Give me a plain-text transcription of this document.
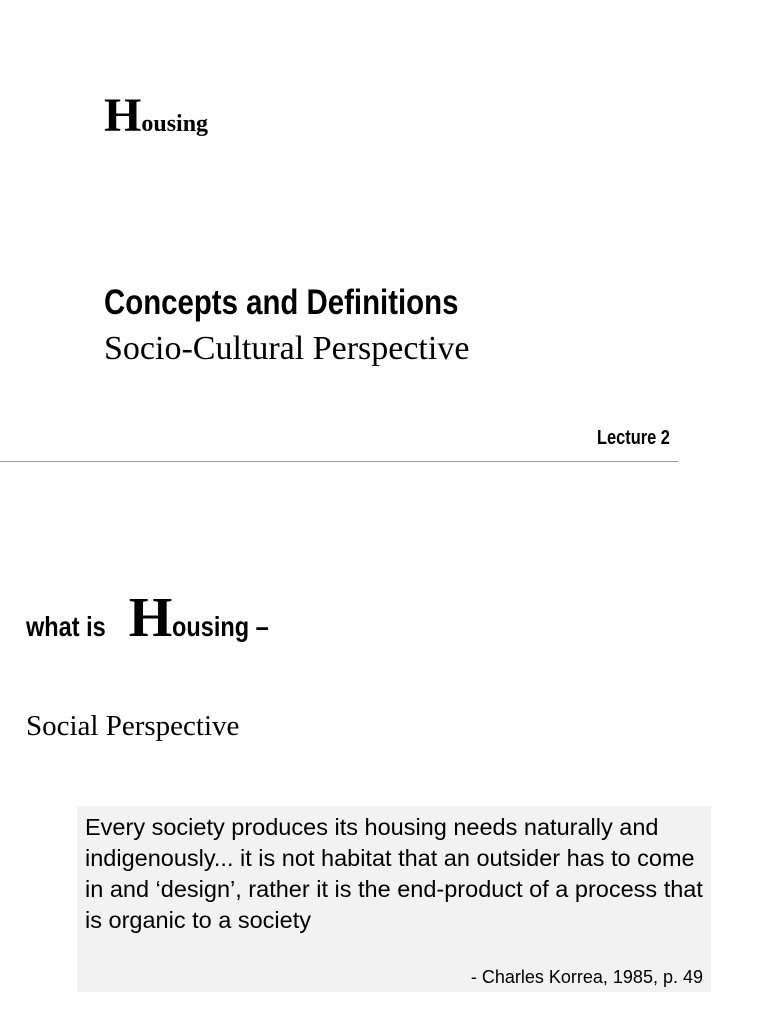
Housing
Concepts and Definitions
Socio-Cultural Perspective
Lecture 2
what is Housing –
Social Perspective

Every society produces its housing needs naturally and indigenously... it is not habitat that an outsider has to come in and ‘design’, rather it is the end-product of a process that is organic to a society

- Charles Korrea, 1985, p. 49
